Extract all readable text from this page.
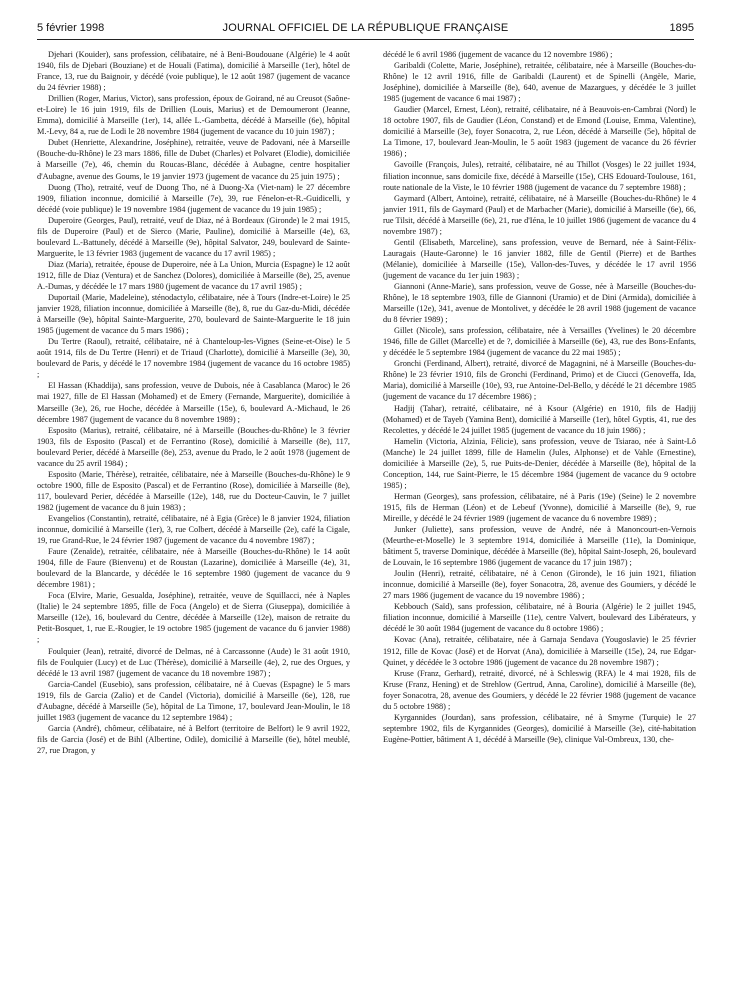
5 février 1998	JOURNAL OFFICIEL DE LA RÉPUBLIQUE FRANÇAISE	1895

Djehari (Kouider), sans profession, célibataire, né à Beni-Boudouane (Algérie) le 4 août 1940, fils de Djebari (Bouziane) et de Houali (Fatima), domicilié à Marseille (1er), hôtel de France, 13, rue du Baignoir, y décédé (voie publique), le 12 août 1987 (jugement de vacance du 24 février 1988) ;

Drillien (Roger, Marius, Victor), sans profession, époux de Goirand, né au Creusot (Saône-et-Loire) le 16 juin 1919, fils de Drillien (Louis, Marius) et de Demoumeront (Jeanne, Emma), domicilié à Marseille (1er), 14, allée L.-Gambetta, décédé à Marseille (6e), hôpital M.-Levy, 84 a, rue de Lodi le 28 novembre 1984 (jugement de vacance du 10 juin 1987) ;

Dubet (Henriette, Alexandrine, Joséphine), retraitée, veuve de Padovani, née à Marseille (Bouche-du-Rhône) le 23 mars 1886, fille de Dubet (Charles) et Polvaret (Elodie), domiciliée à Marseille (7e), 46, chemin du Roucas-Blanc, décédée à Aubagne, centre hospitalier d'Aubagne, avenue des Goums, le 19 janvier 1973 (jugement de vacance du 25 juin 1975) ;

Duong (Tho), retraité, veuf de Duong Tho, né à Duong-Xa (Viet-nam) le 27 décembre 1909, filiation inconnue, domicilié à Marseille (7e), 39, rue Fénelon-et-R.-Guidicelli, y décédé (voie publique) le 19 novembre 1984 (jugement de vacance du 19 juin 1985) ;

Duperoire (Georges, Paul), retraité, veuf de Diaz, né à Bordeaux (Gironde) le 2 mai 1915, fils de Duperoire (Paul) et de Sierco (Marie, Pauline), domicilié à Marseille (4e), 63, boulevard L.-Battunely, décédé à Marseille (9e), hôpital Salvator, 249, boulevard de Sainte-Marguerite, le 13 février 1983 (jugement de vacance du 17 avril 1985) ;

Diaz (Maria), retraitée, épouse de Duperoire, née à La Union, Murcia (Espagne) le 12 août 1912, fille de Diaz (Ventura) et de Sanchez (Dolores), domiciliée à Marseille (8e), 25, avenue A.-Dumas, y décédée le 17 mars 1980 (jugement de vacance du 17 avril 1985) ;

Duportail (Marie, Madeleine), sténodactylo, célibataire, née à Tours (Indre-et-Loire) le 25 janvier 1928, filiation inconnue, domiciliée à Marseille (8e), 8, rue du Gaz-du-Midi, décédée à Marseille (9e), hôpital Sainte-Marguerite, 270, boulevard de Sainte-Marguerite le 18 juin 1985 (jugement de vacance du 5 mars 1986) ;

Du Tertre (Raoul), retraité, célibataire, né à Chanteloup-les-Vignes (Seine-et-Oise) le 5 août 1914, fils de Du Tertre (Henri) et de Triaud (Charlotte), domicilié à Marseille (3e), 30, boulevard de Paris, y décédé le 17 novembre 1984 (jugement de vacance du 16 octobre 1985) ;

El Hassan (Khaddija), sans profession, veuve de Dubois, née à Casablanca (Maroc) le 26 mai 1927, fille de El Hassan (Mohamed) et de Emery (Fernande, Marguerite), domiciliée à Marseille (3e), 26, rue Hoche, décédée à Marseille (15e), 6, boulevard A.-Michaud, le 26 décembre 1987 (jugement de vacance du 8 novembre 1989) ;

Esposito (Marius), retraité, célibataire, né à Marseille (Bouches-du-Rhône) le 3 février 1903, fils de Esposito (Pascal) et de Ferrantino (Rose), domicilié à Marseille (8e), 117, boulevard Perier, décédé à Marseille (8e), 253, avenue du Prado, le 2 août 1978 (jugement de vacance du 25 avril 1984) ;

Esposito (Marie, Thérèse), retraitée, célibataire, née à Marseille (Bouches-du-Rhône) le 9 octobre 1900, fille de Esposito (Pascal) et de Ferrantino (Rose), domiciliée à Marseille (8e), 117, boulevard Perier, décédée à Marseille (12e), 148, rue du Docteur-Cauvin, le 7 juillet 1982 (jugement de vacance du 8 juin 1983) ;

Evangelios (Constantin), retraité, célibataire, né à Egia (Grèce) le 8 janvier 1924, filiation inconnue, domicilié à Marseille (1er), 3, rue Colbert, décédé à Marseille (2e), café la Cigale, 19, rue Grand-Rue, le 24 février 1987 (jugement de vacance du 4 novembre 1987) ;

Faure (Zenaïde), retraitée, célibataire, née à Marseille (Bouches-du-Rhône) le 14 août 1904, fille de Faure (Bienvenu) et de Roustan (Lazarine), domiciliée à Marseille (4e), 31, boulevard de la Blancarde, y décédée le 16 septembre 1980 (jugement de vacance du 9 décembre 1981) ;

Foca (Elvire, Marie, Gesualda, Joséphine), retraitée, veuve de Squillacci, née à Naples (Italie) le 24 septembre 1895, fille de Foca (Angelo) et de Sierra (Giuseppa), domiciliée à Marseille (12e), 16, boulevard du Centre, décédée à Marseille (12e), maison de retraite du Petit-Bosquet, 1, rue E.-Rougier, le 19 octobre 1985 (jugement de vacance du 6 janvier 1988) ;

Foulquier (Jean), retraité, divorcé de Delmas, né à Carcassonne (Aude) le 31 août 1910, fils de Foulquier (Lucy) et de Luc (Thérèse), domicilié à Marseille (4e), 2, rue des Orgues, y décédé le 13 avril 1987 (jugement de vacance du 18 novembre 1987) ;

Garcia-Candel (Eusebio), sans profession, célibataire, né à Cuevas (Espagne) le 5 mars 1919, fils de Garcia (Zalio) et de Candel (Victoria), domicilié à Marseille (6e), 128, rue d'Aubagne, décédé à Marseille (5e), hôpital de La Timone, 17, boulevard Jean-Moulin, le 18 juillet 1983 (jugement de vacance du 12 septembre 1984) ;

Garcia (André), chômeur, célibataire, né à Belfort (territoire de Belfort) le 9 avril 1922, fils de Garcia (José) et de Bihl (Albertine, Odile), domicilié à Marseille (6e), hôtel meublé, 27, rue Dragon, y

décédé le 6 avril 1986 (jugement de vacance du 12 novembre 1986) ;

Garibaldi (Colette, Marie, Joséphine), retraitée, célibataire, née à Marseille (Bouches-du-Rhône) le 12 avril 1916, fille de Garibaldi (Laurent) et de Spinelli (Angèle, Marie, Joséphine), domiciliée à Marseille (8e), 640, avenue de Mazargues, y décédée le 3 juillet 1985 (jugement de vacance 6 mai 1987) ;

Gaudier (Marcel, Ernest, Léon), retraité, célibataire, né à Beauvois-en-Cambrai (Nord) le 18 octobre 1907, fils de Gaudier (Léon, Constand) et de Emond (Louise, Emma, Valentine), domicilié à Marseille (3e), foyer Sonacotra, 2, rue Léon, décédé à Marseille (5e), hôpital de La Timone, 17, boulevard Jean-Moulin, le 5 août 1983 (jugement de vacance du 26 février 1986) ;

Gavoille (François, Jules), retraité, célibataire, né au Thillot (Vosges) le 22 juillet 1934, filiation inconnue, sans domicile fixe, décédé à Marseille (15e), CHS Edouard-Toulouse, 161, route nationale de la Viste, le 10 février 1988 (jugement de vacance du 7 septembre 1988) ;

Gaymard (Albert, Antoine), retraité, célibataire, né à Marseille (Bouches-du-Rhône) le 4 janvier 1911, fils de Gaymard (Paul) et de Marbacher (Marie), domicilié à Marseille (6e), 66, rue Tilsit, décédé à Marseille (6e), 21, rue d'Iéna, le 10 juillet 1986 (jugement de vacance du 4 novembre 1987) ;

Gentil (Elisabeth, Marceline), sans profession, veuve de Bernard, née à Saint-Félix-Lauragais (Haute-Garonne) le 16 janvier 1882, fille de Gentil (Pierre) et de Barthes (Mélanie), domiciliée à Marseille (15e), Vallon-des-Tuves, y décédée le 17 avril 1956 (jugement de vacance du 1er juin 1983) ;

Giannoni (Anne-Marie), sans profession, veuve de Gosse, née à Marseille (Bouches-du-Rhône), le 18 septembre 1903, fille de Giannoni (Uramio) et de Dini (Armida), domiciliée à Marseille (12e), 341, avenue de Montolivet, y décédée le 28 avril 1988 (jugement de vacance du 8 février 1989) ;

Gillet (Nicole), sans profession, célibataire, née à Versailles (Yvelines) le 20 décembre 1946, fille de Gillet (Marcelle) et de ?, domiciliée à Marseille (6e), 43, rue des Bons-Enfants, y décédée le 5 septembre 1984 (jugement de vacance du 22 mai 1985) ;

Gronchi (Ferdinand, Albert), retraité, divorcé de Magagnini, né à Marseille (Bouches-du-Rhône) le 23 février 1910, fils de Gronchi (Ferdinand, Primo) et de Ciucci (Genoveffa, Ida, Maria), domicilié à Marseille (10e), 93, rue Antoine-Del-Bello, y décédé le 21 décembre 1985 (jugement de vacance du 17 décembre 1986) ;

Hadjij (Tahar), retraité, célibataire, né à Ksour (Algérie) en 1910, fils de Hadjij (Mohamed) et de Tayeb (Yamina Bent), domicilié à Marseille (1er), hôtel Gyptis, 41, rue des Recolettes, y décédé le 24 juillet 1985 (jugement de vacance du 18 juin 1986) ;

Hamelin (Victoria, Alzinia, Félicie), sans profession, veuve de Tsiarao, née à Saint-Lô (Manche) le 24 juillet 1899, fille de Hamelin (Jules, Alphonse) et de Vahle (Ernestine), domiciliée à Marseille (2e), 5, rue Puits-de-Denier, décédée à Marseille (8e), hôpital de la Conception, 144, rue Saint-Pierre, le 15 décembre 1984 (jugement de vacance du 9 octobre 1985) ;

Herman (Georges), sans profession, célibataire, né à Paris (19e) (Seine) le 2 novembre 1915, fils de Herman (Léon) et de Lebeuf (Yvonne), domicilié à Marseille (8e), 9, rue Mireille, y décédé le 24 février 1989 (jugement de vacance du 6 novembre 1989) ;

Junker (Juliette), sans profession, veuve de André, née à Manoncourt-en-Vernois (Meurthe-et-Moselle) le 3 septembre 1914, domiciliée à Marseille (11e), la Dominique, bâtiment 5, traverse Dominique, décédée à Marseille (8e), hôpital Saint-Joseph, 26, boulevard de Louvain, le 16 septembre 1986 (jugement de vacance du 17 juin 1987) ;

Joulin (Henri), retraité, célibataire, né à Cenon (Gironde), le 16 juin 1921, filiation inconnue, domicilié à Marseille (8e), foyer Sonacotra, 28, avenue des Goumiers, y décédé le 27 mars 1986 (jugement de vacance du 19 novembre 1986) ;

Kebbouch (Saïd), sans profession, célibataire, né à Bouria (Algérie) le 2 juillet 1945, filiation inconnue, domicilié à Marseille (11e), centre Valvert, boulevard des Libérateurs, y décédé le 30 août 1984 (jugement de vacance du 8 octobre 1986) ;

Kovac (Ana), retraitée, célibataire, née à Garnaja Sendava (Yougoslavie) le 25 février 1912, fille de Kovac (José) et de Horvat (Ana), domiciliée à Marseille (15e), 24, rue Edgar-Quinet, y décédée le 3 octobre 1986 (jugement de vacance du 28 novembre 1987) ;

Kruse (Franz, Gerhard), retraité, divorcé, né à Schleswig (RFA) le 4 mai 1928, fils de Kruse (Franz, Hening) et de Strehlow (Gertrud, Anna, Caroline), domicilié à Marseille (8e), foyer Sonacotra, 28, avenue des Goumiers, y décédé le 22 février 1988 (jugement de vacance du 5 octobre 1988) ;

Kyrgannides (Jourdan), sans profession, célibataire, né à Smyrne (Turquie) le 27 septembre 1902, fils de Kyrgannides (Georges), domicilié à Marseille (3e), cité-habitation Eugène-Pottier, bâtiment A 1, décédé à Marseille (9e), clinique Val-Ombreux, 130, che-
